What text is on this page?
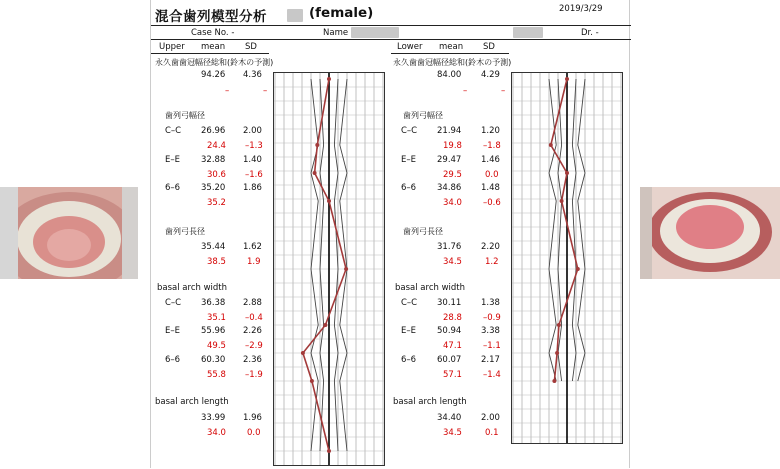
混合歯列模型分析	(female)	2019/3/29
Case No. -	Name	Dr. -
Upper mean SD	Lower mean SD
永久歯歯冠幅径総和(鈴木の予測)
94.26 4.36
–	–
歯列弓幅径
C–C 26.96 2.00
24.4 –1.3
E–E 32.88 1.40
30.6 –1.6
6–6 35.20 1.86
35.2
歯列弓長径
35.44 1.62
38.5 1.9
basal arch width
C–C 36.38 2.88
35.1 –0.4
E–E 55.96 2.26
49.5 –2.9
6–6 60.30 2.36
55.8 –1.9
basal arch length
33.99 1.96
34.0 0.0
永久歯歯冠幅径総和(鈴木の予測)
84.00 4.29
–	–
歯列弓幅径
C–C 21.94 1.20
19.8 –1.8
E–E 29.47 1.46
29.5	0.0
6–6 34.86 1.48
34.0 –0.6
歯列弓長径
31.76 2.20
34.5	1.2
basal arch width
C–C 30.11 1.38
28.8 –0.9
E–E 50.94 3.38
47.1 –1.1
6–6 60.07 2.17
57.1 –1.4
basal arch length
34.40 2.00
34.5	0.1
